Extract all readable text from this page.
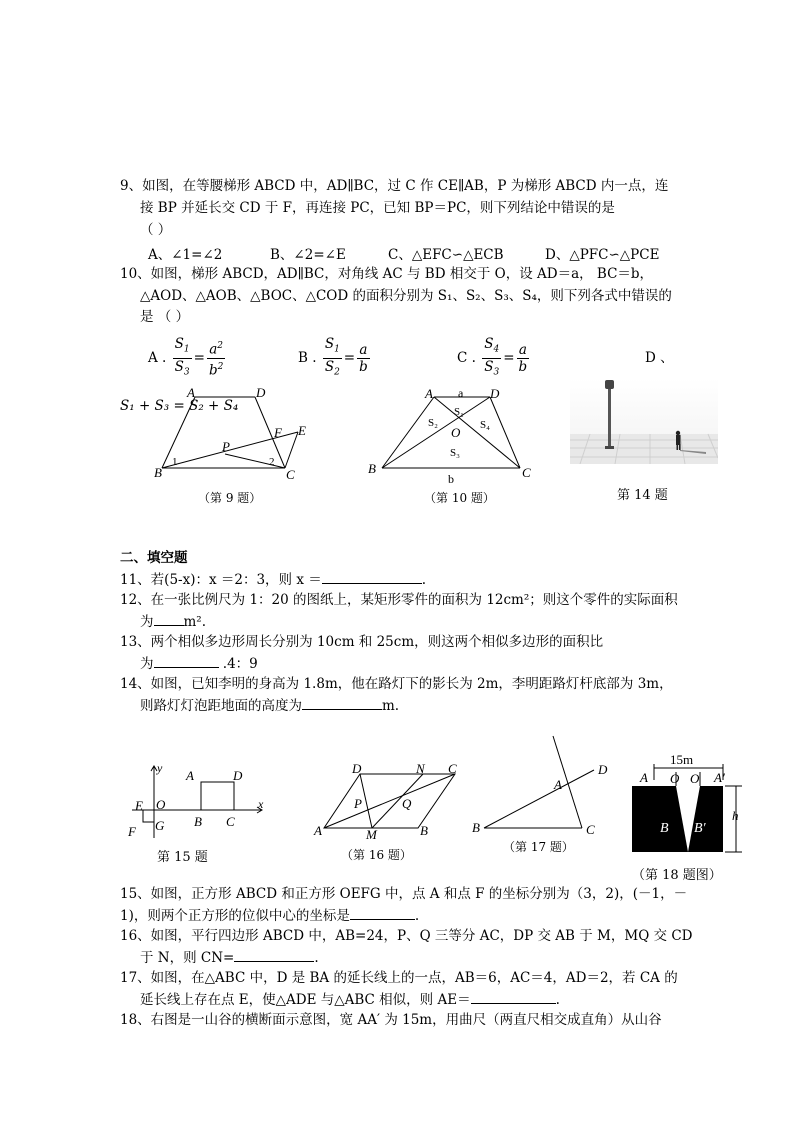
9、如图，在等腰梯形 ABCD 中，AD∥BC，过 C 作 CE∥AB，P 为梯形 ABCD 内一点，连
接 BP 并延长交 CD 于 F，再连接 PC，已知 BP＝PC，则下列结论中错误的是
（ ）
A、∠1=∠2	B、∠2=∠E	C、△EFC∽△ECB	D、△PFC∽△PCE
10、如图，梯形 ABCD，AD∥BC，对角线 AC 与 BD 相交于 O，设 AD＝a， BC＝b，
△AOD、△AOB、△BOC、△COD 的面积分别为 S₁、S₂、S₃、S₄，则下列各式中错误的
是 （ ）
A . $\frac{S_1}{S_3} = \frac{a^2}{b^2}$	B . $\frac{S_1}{S_2} = \frac{a}{b}$	C . $\frac{S_4}{S_3} = \frac{a}{b}$	D 、
S₁ + S₃ = S₂ + S₄
A	D
E
F
P
1	2
B	C
（第 9 题）
A a D
S₁
S₂
O S₄
S₃
B
b	C
（第 10 题）	第 14 题
二、填空题
11、若(5-x)：x ＝2：3，则 x ＝	.
12、在一张比例尺为 1：20 的图纸上，某矩形零件的面积为 12cm²；则这个零件的实际面积
为 m².
13、两个相似多边形周长分别为 10cm 和 25cm，则这两个相似多边形的面积比
为	.4：9
14、如图，已知李明的身高为 1.8m，他在路灯下的影长为 2m，李明距路灯杆底部为 3m，
则路灯灯泡距地面的高度为	m.
y A	D
E O	x
F G B C
第 15 题
D	N C
P	Q
A	M	B
（第 16 题）
D
A
B	C
（第 17 题）
15m
A O O A′
h
B B′
（第 18 题图）
15、如图，正方形 ABCD 和正方形 OEFG 中，点 A 和点 F 的坐标分别为（3，2)，(－1，－
1)，则两个正方形的位似中心的坐标是	.
16、如图，平行四边形 ABCD 中，AB=24，P、Q 三等分 AC，DP 交 AB 于 M，MQ 交 CD
于 N，则 CN=	.
17、如图，在△ABC 中，D 是 BA 的延长线上的一点，AB＝6，AC＝4，AD＝2，若 CA 的
延长线上存在点 E，使△ADE 与△ABC 相似，则 AE＝	.
18、右图是一山谷的横断面示意图，宽 AA′ 为 15m，用曲尺（两直尺相交成直角）从山谷
